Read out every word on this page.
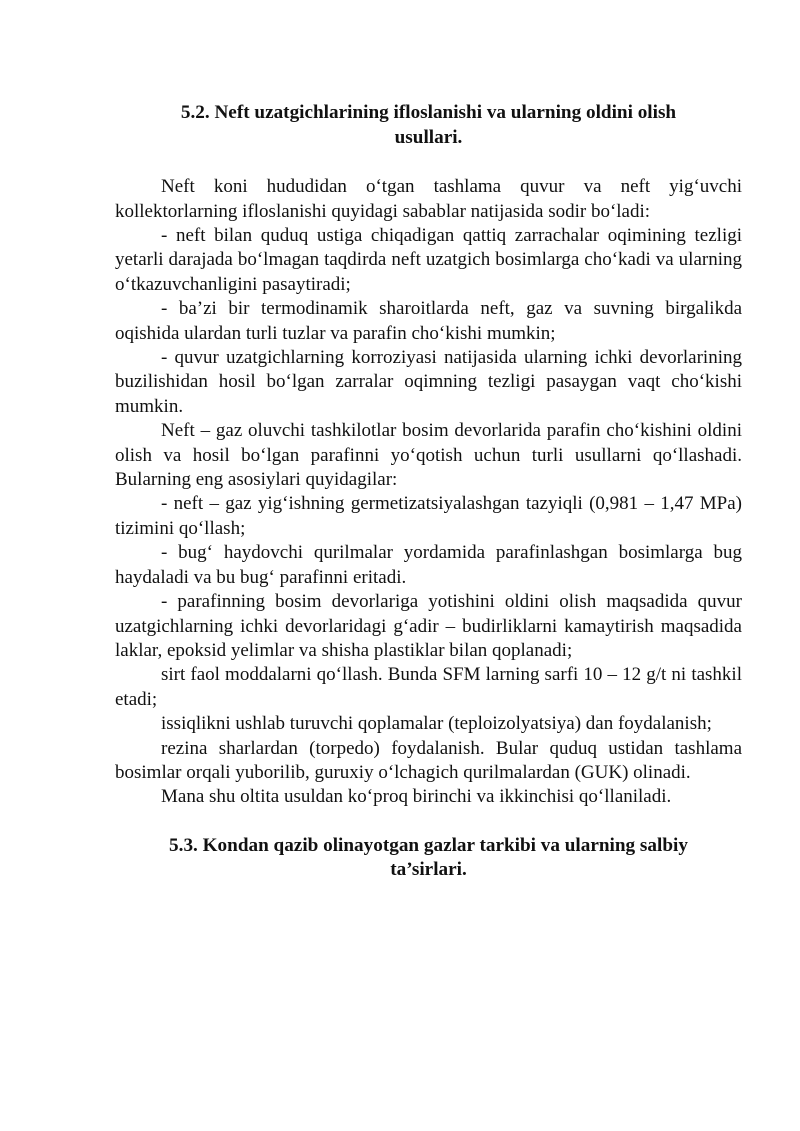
5.2. Neft uzatgichlarining ifloslanishi va ularning oldini olish
usullari.

Neft koni hududidan o‘tgan tashlama quvur va neft yig‘uvchi kollektorlarning ifloslanishi quyidagi sabablar natijasida sodir bo‘ladi:

- neft bilan quduq ustiga chiqadigan qattiq zarrachalar oqimining tezligi yetarli darajada bo‘lmagan taqdirda neft uzatgich bosimlarga cho‘kadi va ularning o‘tkazuvchanligini pasaytiradi;

- ba’zi bir termodinamik sharoitlarda neft, gaz va suvning birgalikda oqishida ulardan turli tuzlar va parafin cho‘kishi mumkin;

- quvur uzatgichlarning korroziyasi natijasida ularning ichki devorlarining buzilishidan hosil bo‘lgan zarralar oqimning tezligi pasaygan vaqt cho‘kishi mumkin.

Neft – gaz oluvchi tashkilotlar bosim devorlarida parafin cho‘kishini oldini olish va hosil bo‘lgan parafinni yo‘qotish uchun turli usullarni qo‘llashadi. Bularning eng asosiylari quyidagilar:

- neft – gaz yig‘ishning germetizatsiyalashgan tazyiqli (0,981 – 1,47 MPa) tizimini qo‘llash;

- bug‘ haydovchi qurilmalar yordamida parafinlashgan bosimlarga bug haydaladi va bu bug‘ parafinni eritadi.

- parafinning bosim devorlariga yotishini oldini olish maqsadida quvur uzatgichlarning ichki devorlaridagi g‘adir – budirliklarni kamaytirish maqsadida laklar, epoksid yelimlar va shisha plastiklar bilan qoplanadi;

sirt faol moddalarni qo‘llash. Bunda SFM larning sarfi 10 – 12 g/t ni tashkil etadi;

issiqlikni ushlab turuvchi qoplamalar (teploizolyatsiya) dan foydalanish;

rezina sharlardan (torpedo) foydalanish. Bular quduq ustidan tashlama bosimlar orqali yuborilib, guruxiy o‘lchagich qurilmalardan (GUK) olinadi.

Mana shu oltita usuldan ko‘proq birinchi va ikkinchisi qo‘llaniladi.

5.3. Kondan qazib olinayotgan gazlar tarkibi va ularning salbiy
ta’sirlari.
